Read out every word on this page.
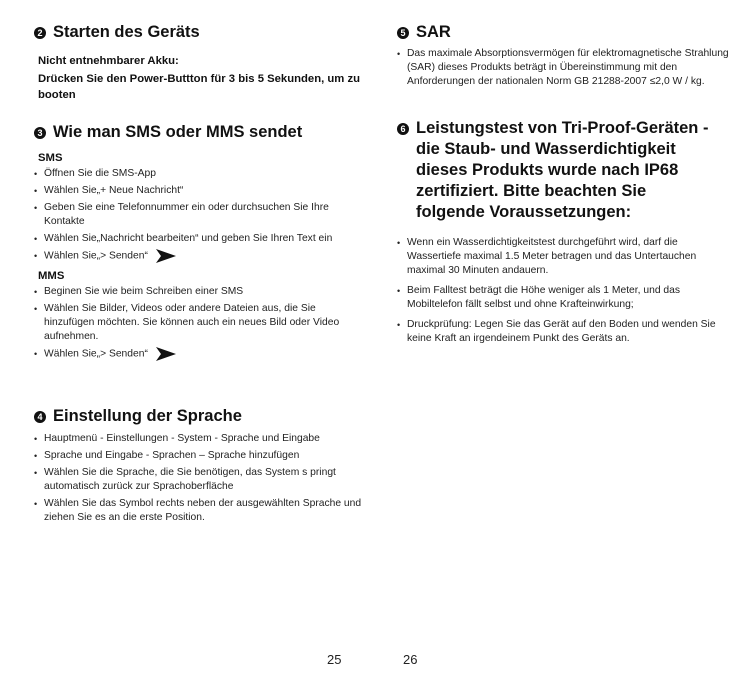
2 Starten des Geräts

Nicht entnehmbarer Akku:

Drücken Sie den Power-Buttton für 3 bis 5 Sekunden, um zu booten

3 Wie man SMS oder MMS sendet
SMS
• Öffnen Sie die SMS-App
• Wählen Sie„+ Neue Nachricht“
• Geben Sie eine Telefonnummer ein oder durchsuchen Sie Ihre Kontakte
• Wählen Sie„Nachricht bearbeiten“ und geben Sie Ihren Text ein
• Wählen Sie„> Senden“
MMS
• Beginen Sie wie beim Schreiben einer SMS
• Wählen Sie Bilder, Videos oder andere Dateien aus, die Sie hinzufügen möchten. Sie können auch ein neues Bild oder Video aufnehmen.
• Wählen Sie„> Senden“
4 Einstellung der Sprache
• Hauptmenü - Einstellungen - System - Sprache und Eingabe
• Sprache und Eingabe - Sprachen – Sprache hinzufügen
• Wählen Sie die Sprache, die Sie benötigen, das System s pringt automatisch zurück zur Sprachoberfläche
• Wählen Sie das Symbol rechts neben der ausgewählten Sprache und ziehen Sie es an die erste Position.
25
5 SAR
• Das maximale Absorptionsvermögen für elektromagnetische Strahlung (SAR) dieses Produkts beträgt in Übereinstimmung mit den Anforderungen der nationalen Norm GB 21288-2007 ≤2,0 W / kg.
6 Leistungstest von Tri-Proof-Geräten - die Staub- und Wasserdichtigkeit dieses Produkts wurde nach IP68 zertifiziert. Bitte beachten Sie folgende Voraussetzungen:
• Wenn ein Wasserdichtigkeitstest durchgeführt wird, darf die Wassertiefe maximal 1.5 Meter betragen und das Untertauchen maximal 30 Minuten andauern.
• Beim Falltest beträgt die Höhe weniger als 1 Meter, und das Mobiltelefon fällt selbst und ohne Krafteinwirkung;
• Druckprüfung: Legen Sie das Gerät auf den Boden und wenden Sie keine Kraft an irgendeinem Punkt des Geräts an.
26
